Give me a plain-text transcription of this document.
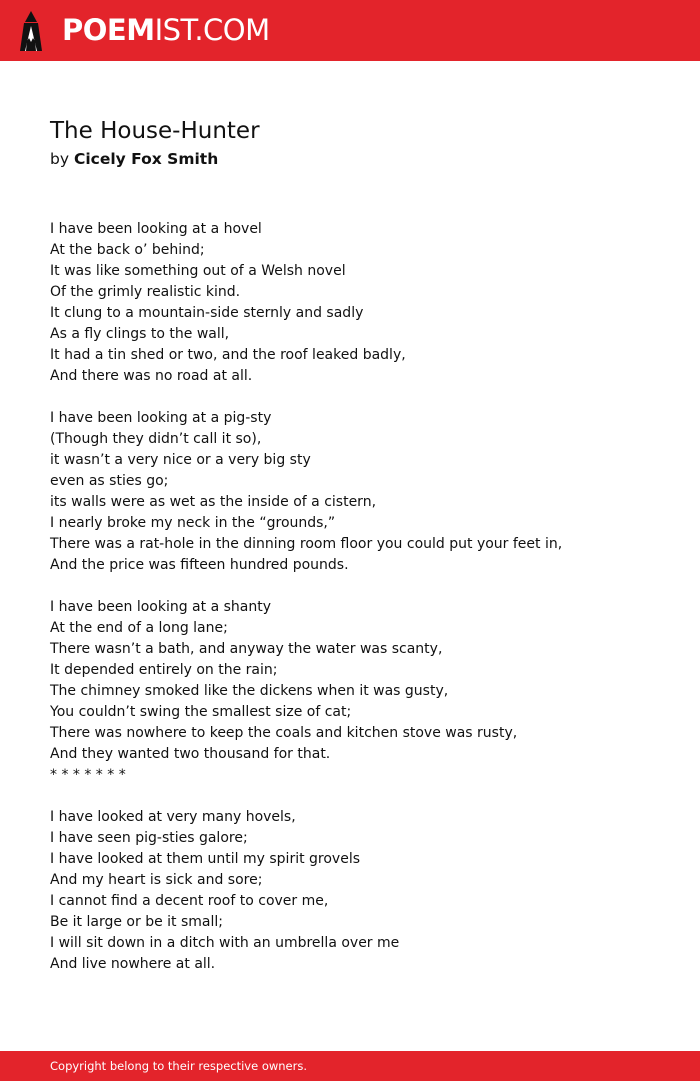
POEMIST.COM
The House-Hunter
by Cicely Fox Smith
I have been looking at a hovel
At the back o’ behind;
It was like something out of a Welsh novel
Of the grimly realistic kind.
It clung to a mountain-side sternly and sadly
As a fly clings to the wall,
It had a tin shed or two, and the roof leaked badly,
And there was no road at all.
I have been looking at a pig-sty
(Though they didn’t call it so),
it wasn’t a very nice or a very big sty
even as sties go;
its walls were as wet as the inside of a cistern,
I nearly broke my neck in the “grounds,”
There was a rat-hole in the dinning room floor you could put your feet in,
And the price was fifteen hundred pounds.
I have been looking at a shanty
At the end of a long lane;
There wasn’t a bath, and anyway the water was scanty,
It depended entirely on the rain;
The chimney smoked like the dickens when it was gusty,
You couldn’t swing the smallest size of cat;
There was nowhere to keep the coals and kitchen stove was rusty,
And they wanted two thousand for that.
* * * * * * *
I have looked at very many hovels,
I have seen pig-sties galore;
I have looked at them until my spirit grovels
And my heart is sick and sore;
I cannot find a decent roof to cover me,
Be it large or be it small;
I will sit down in a ditch with an umbrella over me
And live nowhere at all.
Copyright belong to their respective owners.
